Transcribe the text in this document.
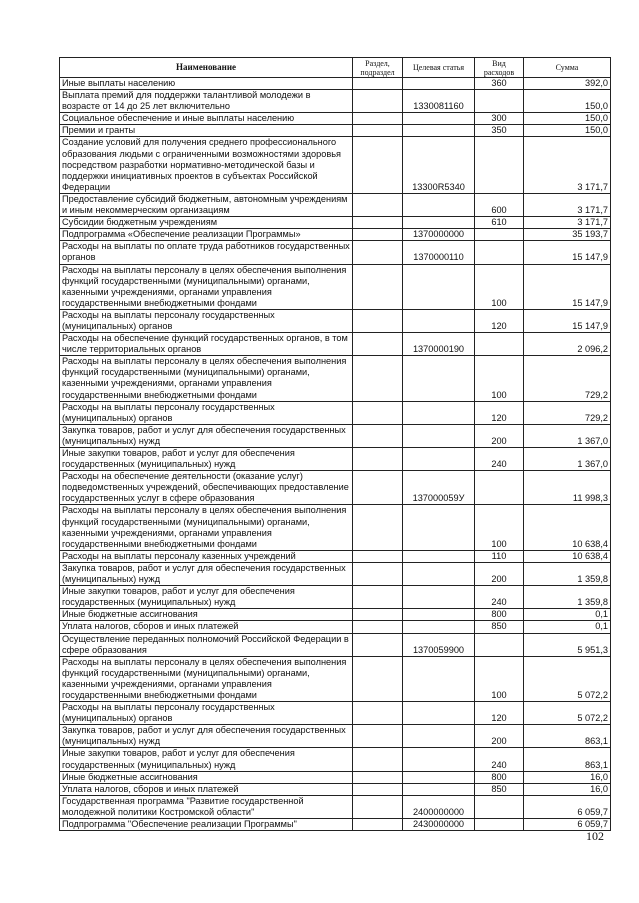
Наименование	Раздел, подраздел	Целевая статья	Вид расходов	Сумма
Иные выплаты населению			360	392,0
Выплата премий для поддержки талантливой молодежи в возрасте от 14 до 25 лет включительно		1330081160		150,0
Социальное обеспечение и иные выплаты населению			300	150,0
Премии и гранты			350	150,0
Создание условий для получения среднего профессионального образования людьми с ограниченными возможностями здоровья посредством разработки нормативно-методической базы и поддержки инициативных проектов в субъектах Российской Федерации		13300R5340		3 171,7
Предоставление субсидий бюджетным, автономным учреждениям и иным некоммерческим организациям			600	3 171,7
Субсидии бюджетным учреждениям			610	3 171,7
Подпрограмма «Обеспечение реализации Программы»		1370000000		35 193,7
Расходы на выплаты по оплате труда работников государственных органов		1370000110		15 147,9
Расходы на выплаты персоналу в целях обеспечения выполнения функций государственными (муниципальными) органами, казенными учреждениями, органами управления государственными внебюджетными фондами			100	15 147,9
Расходы на выплаты персоналу государственных (муниципальных) органов			120	15 147,9
Расходы на обеспечение функций государственных органов, в том числе территориальных органов		1370000190		2 096,2
Расходы на выплаты персоналу в целях обеспечения выполнения функций государственными (муниципальными) органами, казенными учреждениями, органами управления государственными внебюджетными фондами			100	729,2
Расходы на выплаты персоналу государственных (муниципальных) органов			120	729,2
Закупка товаров, работ и услуг для обеспечения государственных (муниципальных) нужд			200	1 367,0
Иные закупки товаров, работ и услуг для обеспечения государственных (муниципальных) нужд			240	1 367,0
Расходы на обеспечение деятельности (оказание услуг) подведомственных учреждений, обеспечивающих предоставление государственных услуг в сфере образования		137000059У		11 998,3
Расходы на выплаты персоналу в целях обеспечения выполнения функций государственными (муниципальными) органами, казенными учреждениями, органами управления государственными внебюджетными фондами			100	10 638,4
Расходы на выплаты персоналу казенных учреждений			110	10 638,4
Закупка товаров, работ и услуг для обеспечения государственных (муниципальных) нужд			200	1 359,8
Иные закупки товаров, работ и услуг для обеспечения государственных (муниципальных) нужд			240	1 359,8
Иные бюджетные ассигнования			800	0,1
Уплата налогов, сборов и иных платежей			850	0,1
Осуществление переданных полномочий Российской Федерации в сфере образования		1370059900		5 951,3
Расходы на выплаты персоналу в целях обеспечения выполнения функций государственными (муниципальными) органами, казенными учреждениями, органами управления государственными внебюджетными фондами			100	5 072,2
Расходы на выплаты персоналу государственных (муниципальных) органов			120	5 072,2
Закупка товаров, работ и услуг для обеспечения государственных (муниципальных) нужд			200	863,1
Иные закупки товаров, работ и услуг для обеспечения государственных (муниципальных) нужд			240	863,1
Иные бюджетные ассигнования			800	16,0
Уплата налогов, сборов и иных платежей			850	16,0
Государственная программа "Развитие государственной молодежной политики Костромской области"		2400000000		6 059,7
Подпрограмма "Обеспечение реализации Программы"		2430000000		6 059,7
102
